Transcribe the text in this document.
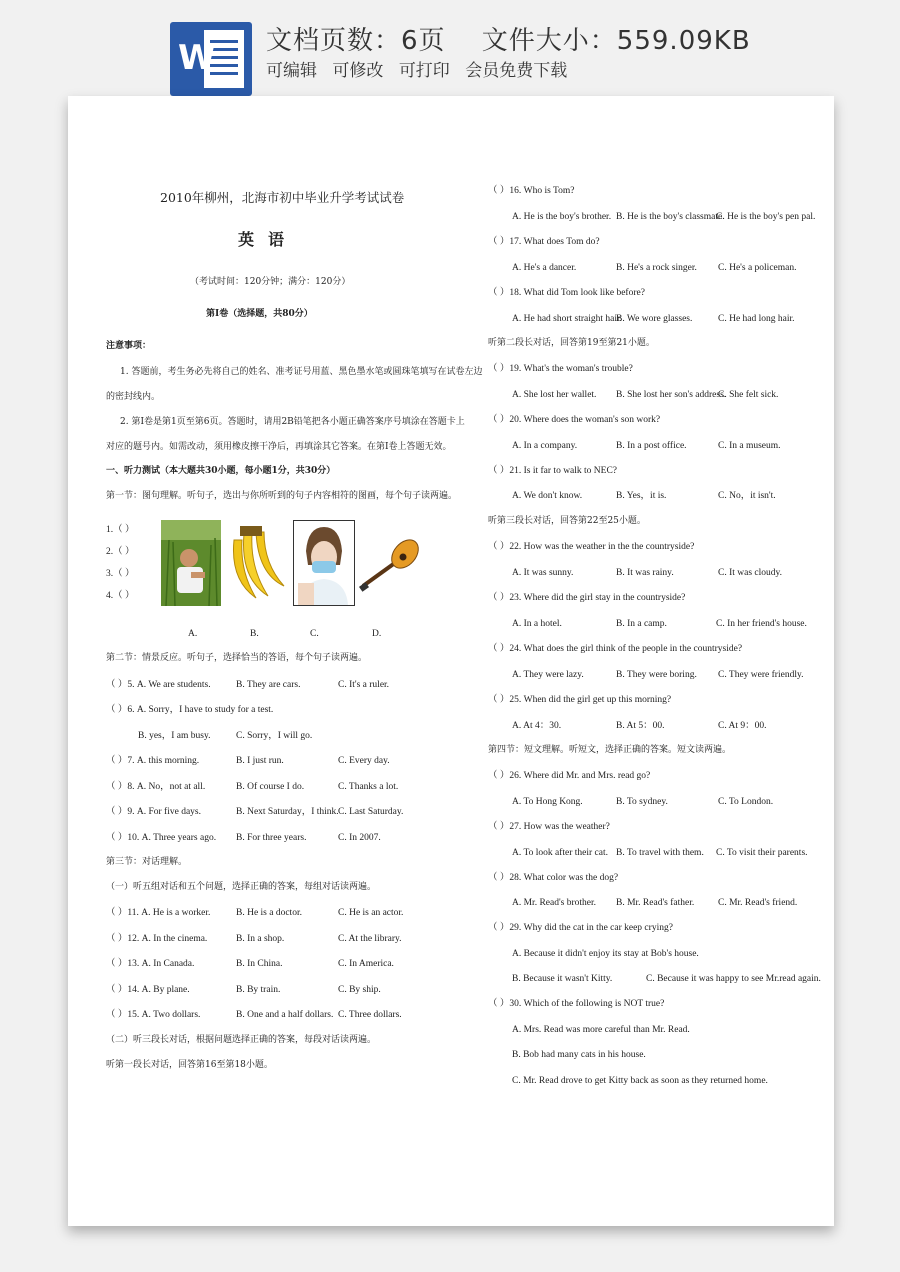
W 文档页数：6页　 文件大小：559.09KB
可编辑 可修改 可打印 会员免费下载
2010年柳州，北海市初中毕业升学考试试卷
英语
（考试时间：120分钟；满分：120分）
第Ⅰ卷（选择题，共80分）
注意事项：
1. 答题前，考生务必先将自己的姓名、准考证号用蓝、黑色墨水笔或圆珠笔填写在试卷左边
的密封线内。
2. 第Ⅰ卷是第1页至第6页。答题时，请用2B铅笔把各小题正确答案序号填涂在答题卡上
对应的题号内。如需改动，须用橡皮擦干净后，再填涂其它答案。在第Ⅰ卷上答题无效。
一、听力测试（本大题共30小题，每小题1分，共30分）
第一节：图句理解。听句子，选出与你所听到的句子内容相符的图画，每个句子读两遍。
1.（ ）
2.（ ）
3.（ ）
4.（ ）
A.	B.	C.	D.
第二节：情景反应。听句子，选择恰当的答语，每个句子读两遍。
（ ）5. A. We are students.	B. They are cars.	C. It's a ruler.
（ ）6. A. Sorry，I have to study for a test.
B. yes，I am busy.	C. Sorry，I will go.
（ ）7. A. this morning.	B. I just run.	C. Every day.
（ ）8. A. No，not at all.	B. Of course I do.	C. Thanks a lot.
（ ）9. A. For five days.	B. Next Saturday，I think. C. Last Saturday.
（ ）10. A. Three years ago. B. For three years.	C. In 2007.
第三节：对话理解。
（一）听五组对话和五个问题，选择正确的答案，每组对话读两遍。
（ ）11. A. He is a worker.	B. He is a doctor.	C. He is an actor.
（ ）12. A. In the cinema.	B. In a shop.	C. At the library.
（ ）13. A. In Canada.	B. In China.	C. In America.
（ ）14. A. By plane.	B. By train.	C. By ship.
（ ）15. A. Two dollars.	B. One and a half dollars. C. Three dollars.
（二）听三段长对话，根据问题选择正确的答案，每段对话读两遍。
听第一段长对话，回答第16至第18小题。
（ ）16. Who is Tom?
A. He is the boy's brother. B. He is the boy's classmate.
C. He is the boy's pen pal.
（ ）17. What does Tom do?
A. He's a dancer.	B. He's a rock singer. C. He's a policeman.
（ ）18. What did Tom look like before?
A. He had short straight hair.
B. We wore glasses.	C. He had long hair.
听第二段长对话，回答第19至第21小题。
（ ）19. What's the woman's trouble?
A. She lost her wallet. B. She lost her son's address.
C. She felt sick.
（ ）20. Where does the woman's son work?
A. In a company.	B. In a post office.	C. In a museum.
（ ）21. Is it far to walk to NEC?
A. We don't know.	B. Yes，it is.	C. No，it isn't.
听第三段长对话，回答第22至25小题。
（ ）22. How was the weather in the the countryside?
A. It was sunny.	B. It was rainy.	C. It was cloudy.
（ ）23. Where did the girl stay in the countryside?
A. In a hotel.	B. In a camp.	C. In her friend's house.
（ ）24. What does the girl think of the people in the countryside?
A. They were lazy.	B. They were boring. C. They were friendly.
（ ）25. When did the girl get up this morning?
A. At 4：30.	B. At 5：00.	C. At 9：00.
第四节：短文理解。听短文，选择正确的答案。短文读两遍。
（ ）26. Where did Mr. and Mrs. read go?
A. To Hong Kong.	B. To sydney.	C. To London.
（ ）27. How was the weather?
A. To look after their cat. B. To travel with them. C. To visit their parents.
（ ）28. What color was the dog?
A. Mr. Read's brother. B. Mr. Read's father.	C. Mr. Read's friend.
（ ）29. Why did the cat in the car keep crying?
A. Because it didn't enjoy its stay at Bob's house.
B. Because it wasn't Kitty.	C. Because it was happy to see Mr.read again.
（ ）30. Which of the following is NOT true?
A. Mrs. Read was more careful than Mr. Read.
B. Bob had many cats in his house.
C. Mr. Read drove to get Kitty back as soon as they returned home.
